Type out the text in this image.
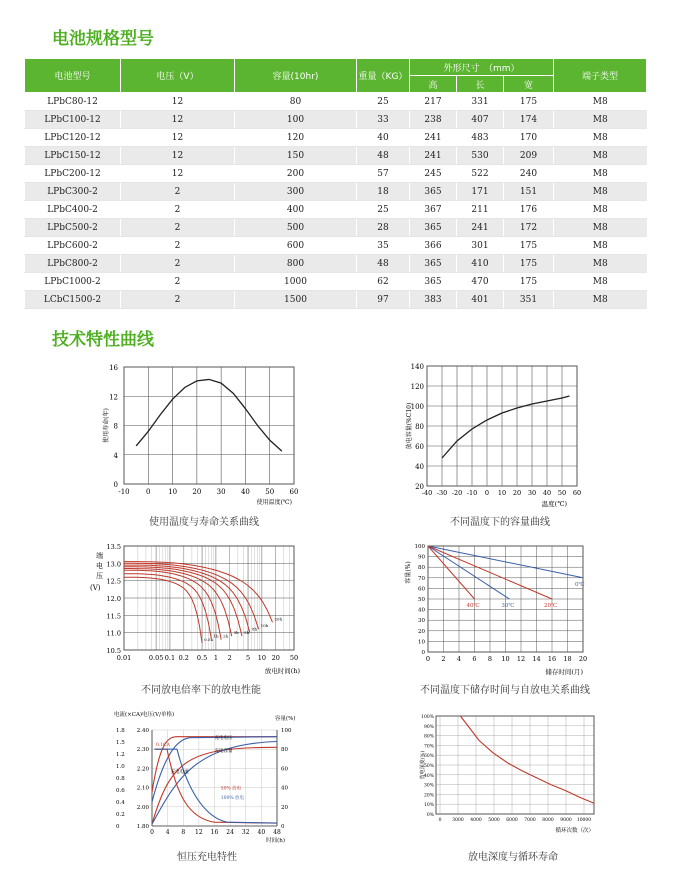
电池规格型号
电池型号	电压（V）	容量(10hr)	重量（KG）	外形尺寸　（mm）			端子类型
				高	长	宽	
LPbC80-12	12	80	25	217	331	175	M8
LPbC100-12	12	100	33	238	407	174	M8
LPbC120-12	12	120	40	241	483	170	M8
LPbC150-12	12	150	48	241	530	209	M8
LPbC200-12	12	200	57	245	522	240	M8
LPbC300-2	2	300	18	365	171	151	M8
LPbC400-2	2	400	25	367	211	176	M8
LPbC500-2	2	500	28	365	241	172	M8
LPbC600-2	2	600	35	366	301	175	M8
LPbC800-2	2	800	48	365	410	175	M8
LPbC1000-2	2	1000	62	365	470	175	M8
LCbC1500-2	2	1500	97	383	401	351	M8
技术特性曲线
-10 0	10 20 30 40 50 60
0
4
8
12
16
使用寿命(年)
使用温度(℃)
使用温度与寿命关系曲线
-40 -30 -20 -10 0 10 20 30 40 50 60
20
40
60
80
100
120
140
放电容量(%C10)
温度(℃)
不同温度下的容量曲线
0.01	0.05 0.1 0.2 0.5 1 2 5 10 20 50
10.5
11.0
11.5
12.0
12.5
13.0
13.5
0.5h
1h 2h
3h 5h
8h
10h
20h
端
电
压
(V)
放电时间(h)
不同放电倍率下的放电性能
0 2 4 6 8 10 12 14 16 18 20
0
10
20
30
40
50
60
70
80
90
100
0℃
20℃
30℃
40℃
容量(%)
储存时间(月)
不同温度下储存时间与自放电关系曲线
0 4 8 12 16 24 32 40 48
0
0.2
0.4
0.6
0.8
1.0
1.2
1.5
1.8
1.80
2.00
2.10
2.20
2.30
2.40
0
20
40
60
80
100
电流(×CA) 电压(V/单格)
容量(%)
时间(h)
0.1CA
充电电压
充电容量
充电电流
50% 放电
100% 放电
恒压充电特性
0%
10%
20%
30%
40%
50%
60%
70%
80%
90%
100%
0 3000 4000 5000 6000 7000 8000 9000 10000
放电深度(%)
循环次数（次）
放电深度与循环寿命
